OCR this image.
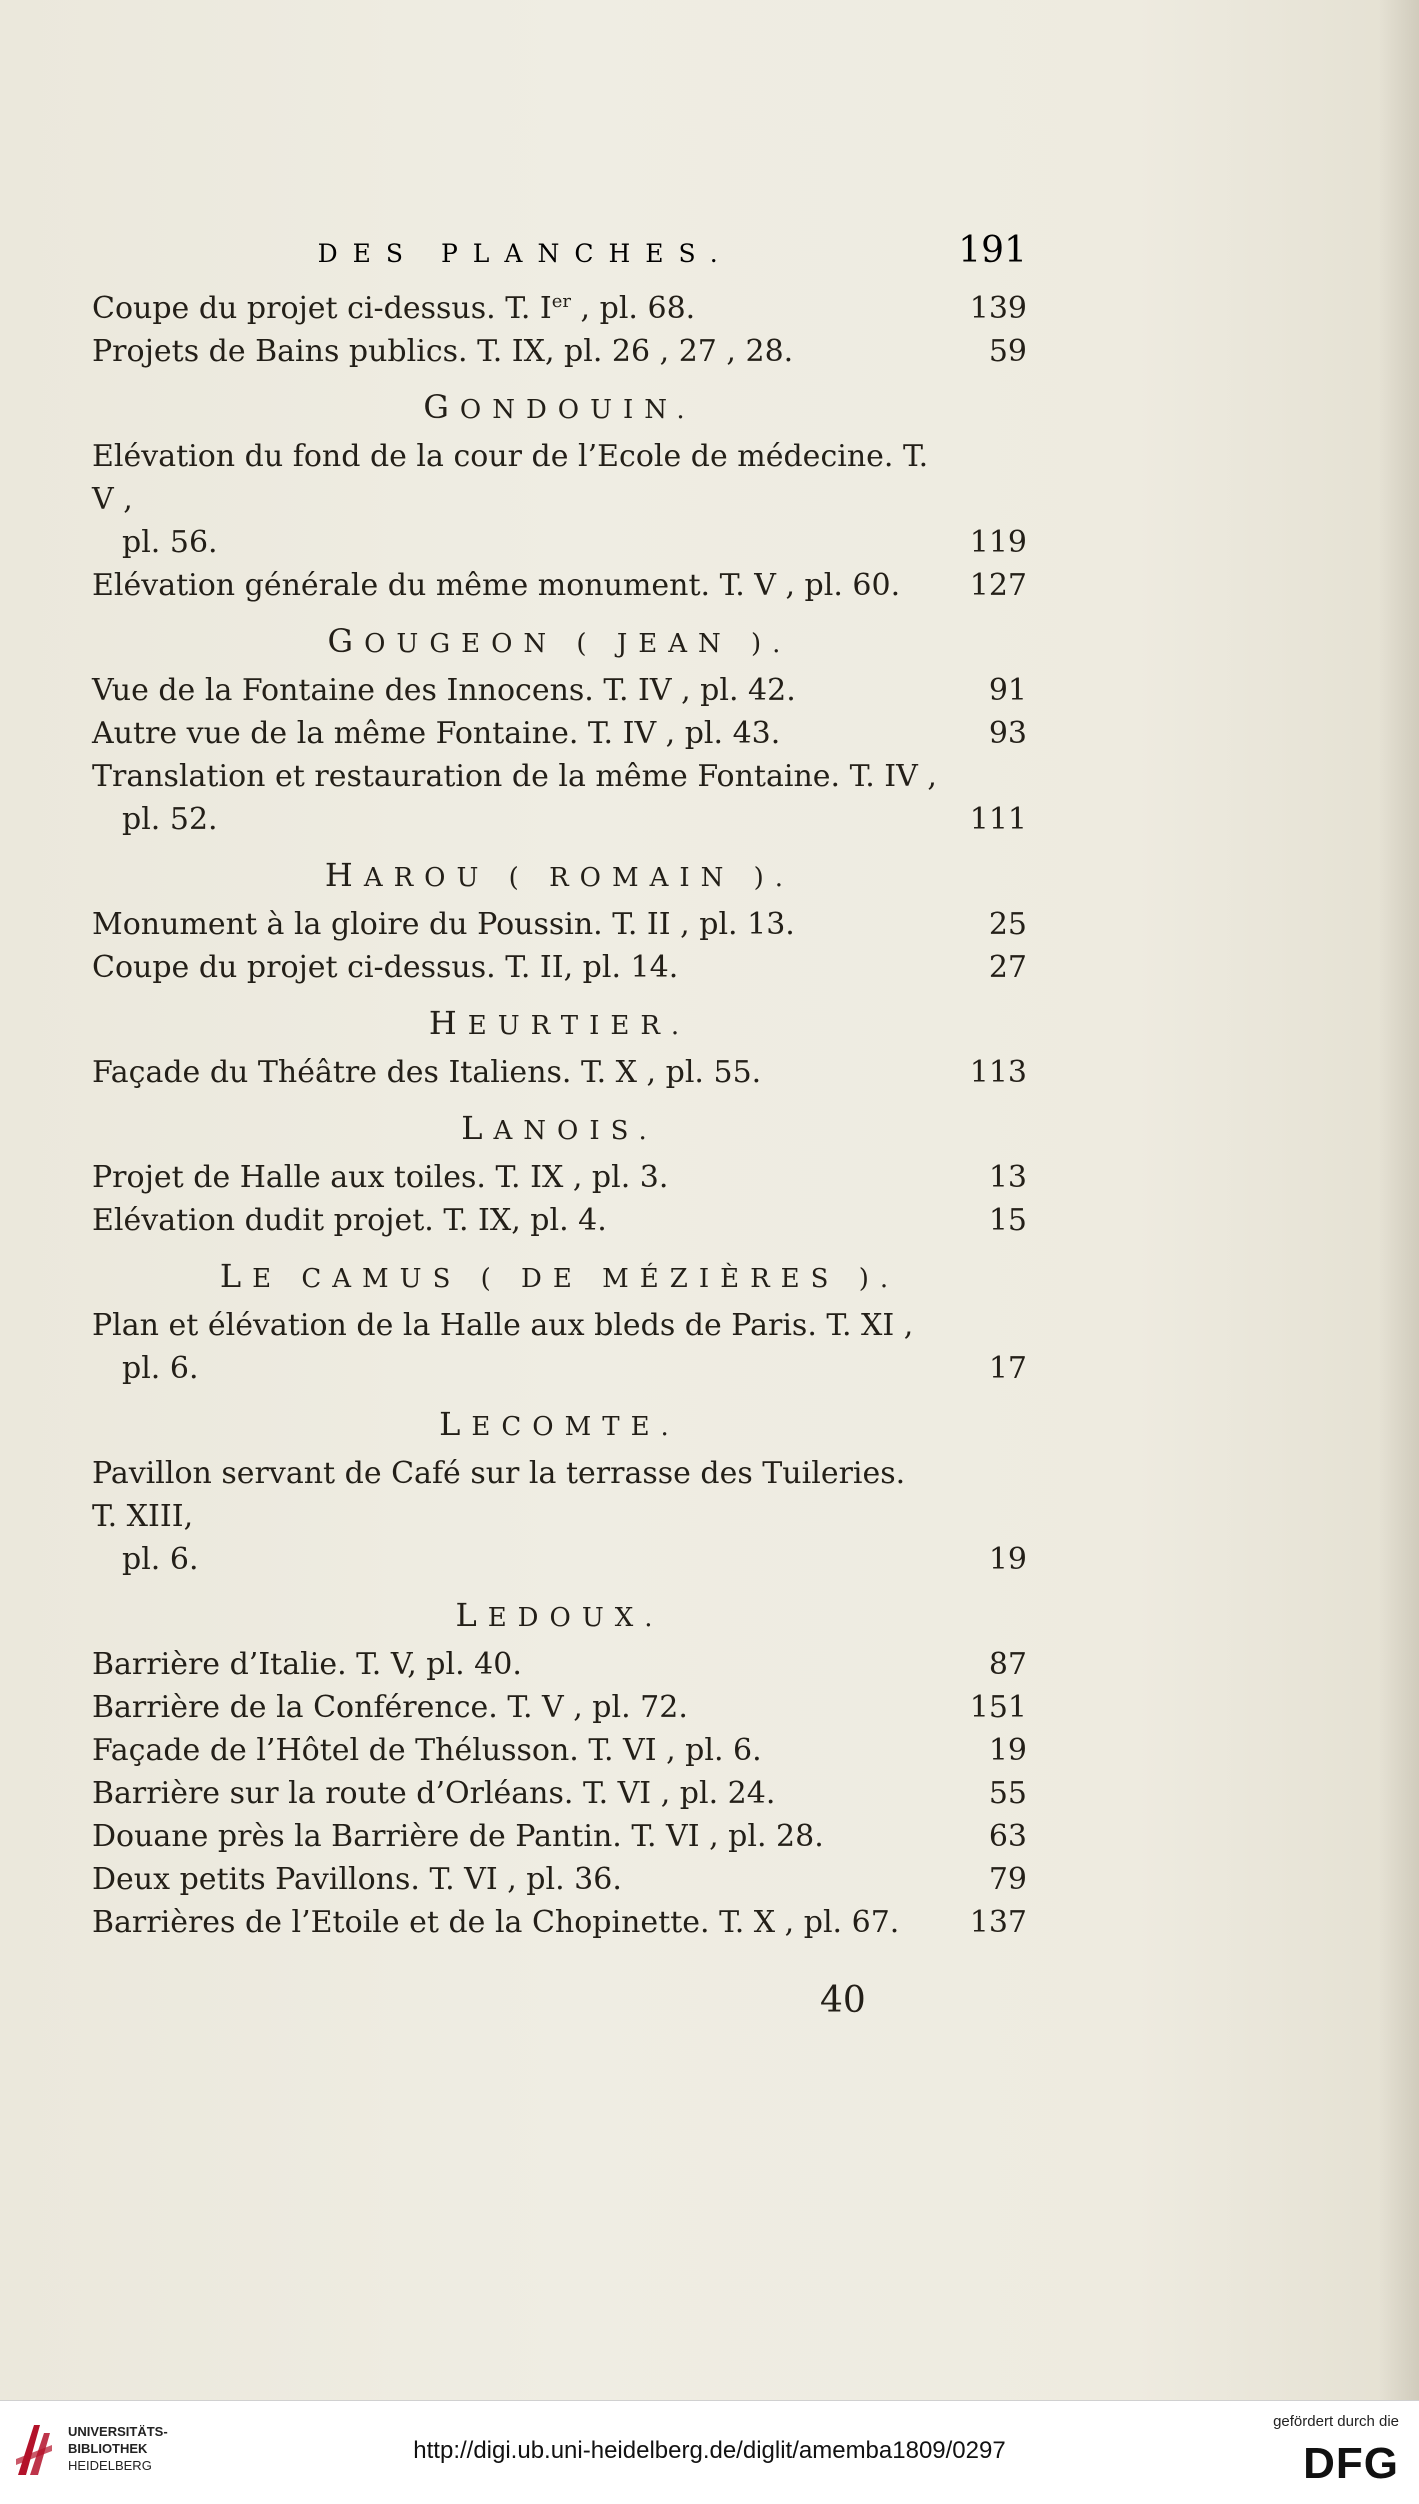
DES PLANCHES.	191
Coupe du projet ci-dessus. T. Ier , pl. 68.	139
Projets de Bains publics. T. IX, pl. 26 , 27 , 28.	59
GONDOUIN.
Elévation du fond de la cour de l’Ecole de médecine. T. V ,
pl. 56.	119
Elévation générale du même monument. T. V , pl. 60.	127
GOUGEON ( JEAN ).
Vue de la Fontaine des Innocens. T. IV , pl. 42.	91
Autre vue de la même Fontaine. T. IV , pl. 43.	93
Translation et restauration de la même Fontaine. T. IV ,
pl. 52.	111
HAROU ( ROMAIN ).
Monument à la gloire du Poussin. T. II , pl. 13.	25
Coupe du projet ci-dessus. T. II, pl. 14.	27
HEURTIER.
Façade du Théâtre des Italiens. T. X , pl. 55.	113
LANOIS.
Projet de Halle aux toiles. T. IX , pl. 3.	13
Elévation dudit projet. T. IX, pl. 4.	15
LE CAMUS ( DE MÉZIÈRES ).
Plan et élévation de la Halle aux bleds de Paris. T. XI ,
pl. 6.	17
LECOMTE.
Pavillon servant de Café sur la terrasse des Tuileries. T. XIII,
pl. 6.	19
LEDOUX.
Barrière d’Italie. T. V, pl. 40.	87
Barrière de la Conférence. T. V , pl. 72.	151
Façade de l’Hôtel de Thélusson. T. VI , pl. 6.	19
Barrière sur la route d’Orléans. T. VI , pl. 24.	55
Douane près la Barrière de Pantin. T. VI , pl. 28.	63
Deux petits Pavillons. T. VI , pl. 36.	79
Barrières de l’Etoile et de la Chopinette. T. X , pl. 67.	137
40
UNIVERSITÄTS-
BIBLIOTHEK
HEIDELBERG
http://digi.ub.uni-heidelberg.de/diglit/amemba1809/0297
gefördert durch die
DFG
